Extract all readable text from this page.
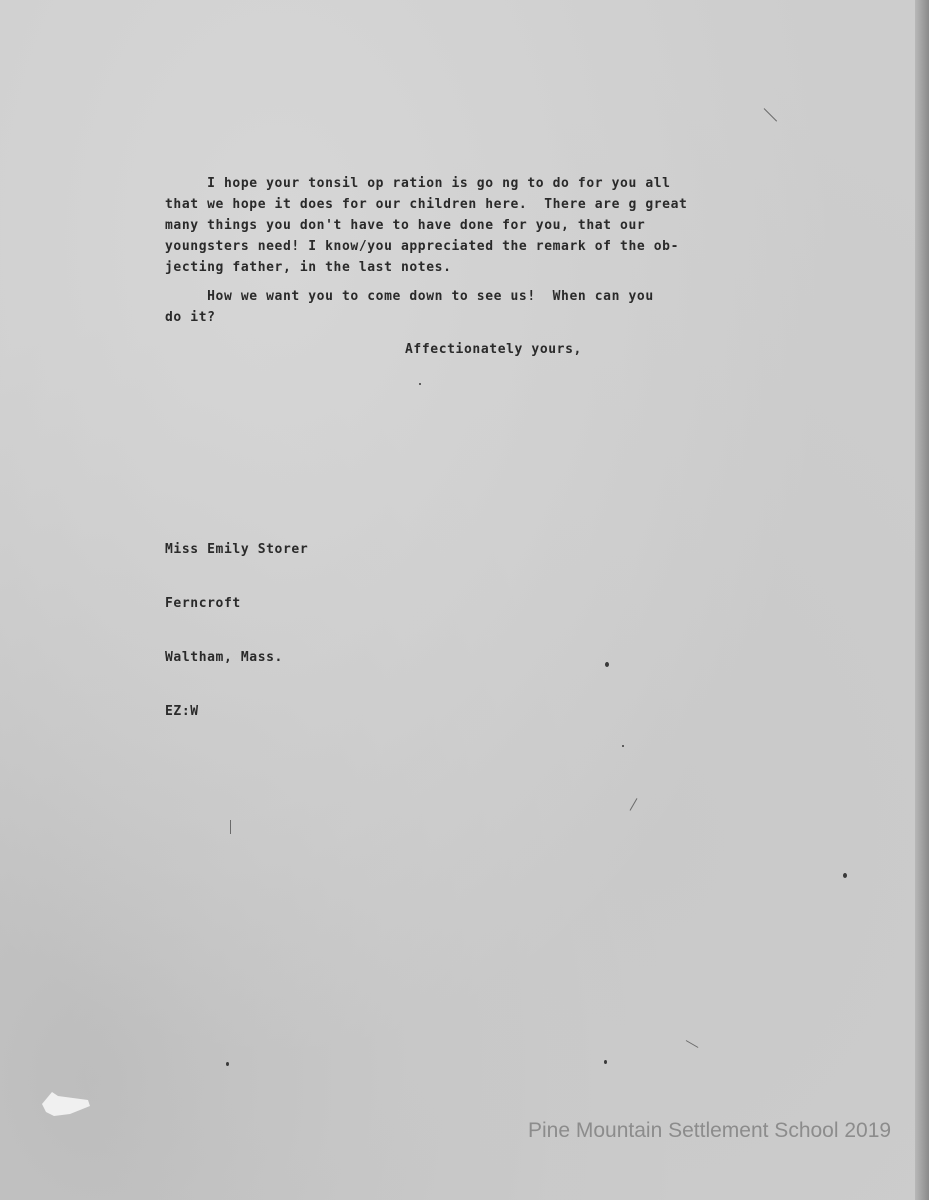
I hope your tonsil op ration is go ng to do for you all
that we hope it does for our children here.  There are g great
many things you don't have to have done for you, that our
youngsters need! I know/you appreciated the remark of the ob-
jecting father, in the last notes.

How we want you to come down to see us!  When can you
do it?

Affectionately yours,

Miss Emily Storer

Ferncroft

Waltham, Mass.

EZ:W

Pine Mountain Settlement School 2019
